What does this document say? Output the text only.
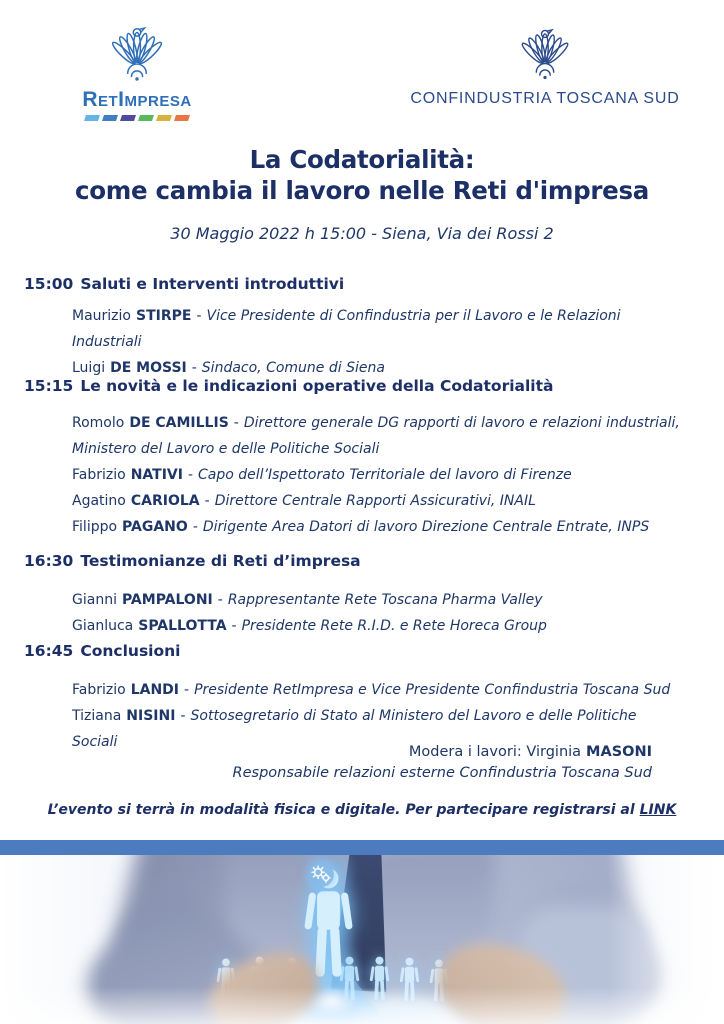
RetImpresa	CONFINDUSTRIA TOSCANA SUD
La Codatorialità:
come cambia il lavoro nelle Reti d'impresa
30 Maggio 2022 h 15:00 - Siena, Via dei Rossi 2
15:00 Saluti e Interventi introduttivi
Maurizio STIRPE - Vice Presidente di Confindustria per il Lavoro e le Relazioni Industriali
Luigi DE MOSSI - Sindaco, Comune di Siena
15:15 Le novità e le indicazioni operative della Codatorialità
Romolo DE CAMILLIS - Direttore generale DG rapporti di lavoro e relazioni industriali, Ministero del Lavoro e delle Politiche Sociali
Fabrizio NATIVI - Capo dell’Ispettorato Territoriale del lavoro di Firenze
Agatino CARIOLA - Direttore Centrale Rapporti Assicurativi, INAIL
Filippo PAGANO - Dirigente Area Datori di lavoro Direzione Centrale Entrate, INPS
16:30 Testimonianze di Reti d’impresa
Gianni PAMPALONI - Rappresentante Rete Toscana Pharma Valley
Gianluca SPALLOTTA - Presidente Rete R.I.D. e Rete Horeca Group
16:45 Conclusioni
Fabrizio LANDI - Presidente RetImpresa e Vice Presidente Confindustria Toscana Sud
Tiziana NISINI - Sottosegretario di Stato al Ministero del Lavoro e delle Politiche Sociali
Modera i lavori: Virginia MASONI
Responsabile relazioni esterne Confindustria Toscana Sud
L’evento si terrà in modalità fisica e digitale. Per partecipare registrarsi al LINK
